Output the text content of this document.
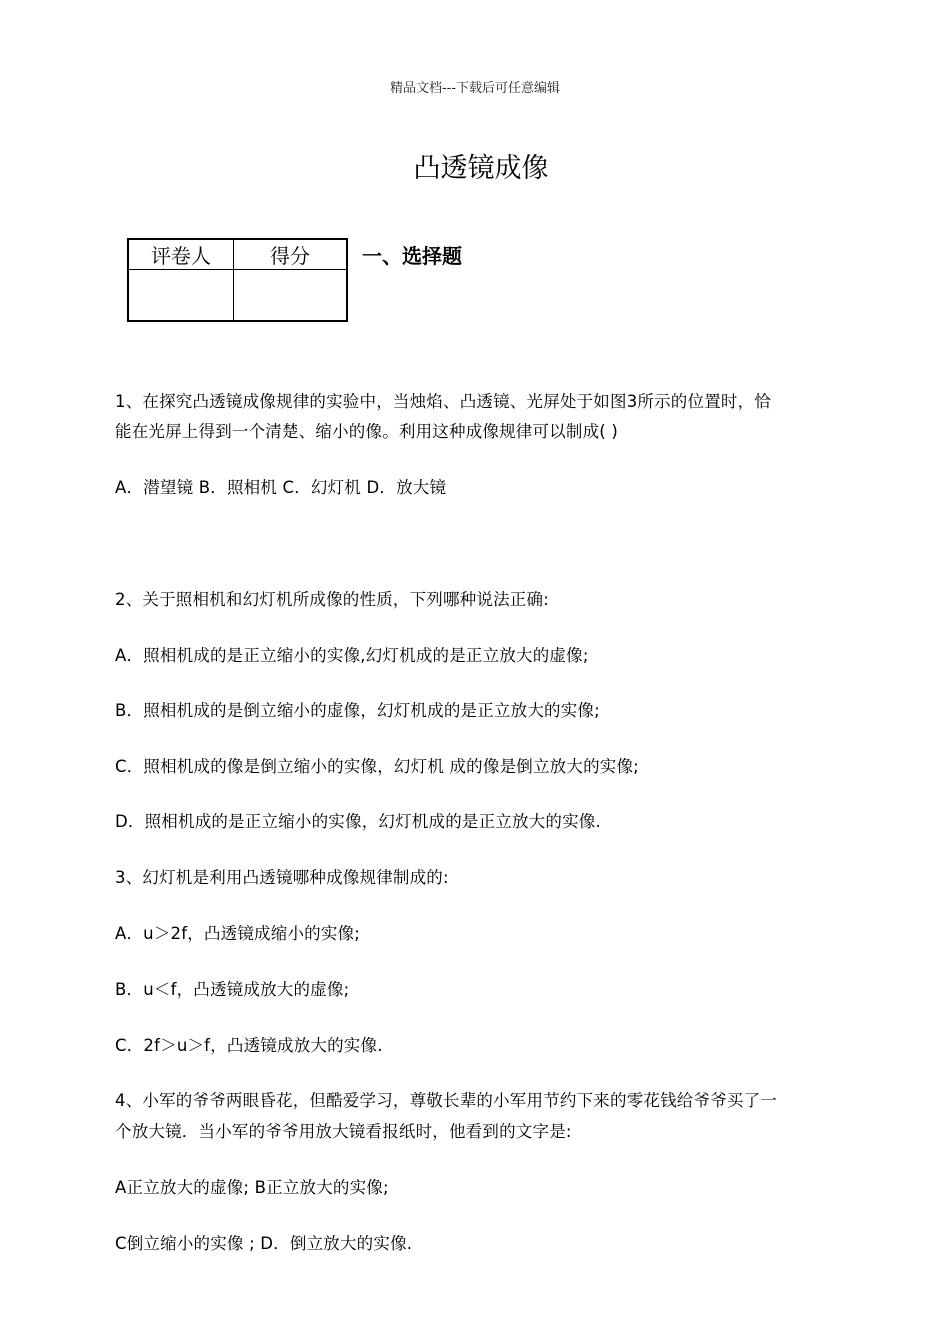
精品文档---下载后可任意编辑
凸透镜成像
评卷人	得分	一、选择题
1、在探究凸透镜成像规律的实验中，当烛焰、凸透镜、光屏处于如图3所示的位置时，恰
能在光屏上得到一个清楚、缩小的像。利用这种成像规律可以制成( )
A．潜望镜 B．照相机 C．幻灯机 D．放大镜
2、关于照相机和幻灯机所成像的性质，下列哪种说法正确:
A．照相机成的是正立缩小的实像,幻灯机成的是正立放大的虚像;
B．照相机成的是倒立缩小的虚像，幻灯机成的是正立放大的实像;
C．照相机成的像是倒立缩小的实像，幻灯机 成的像是倒立放大的实像;
D．照相机成的是正立缩小的实像，幻灯机成的是正立放大的实像.
3、幻灯机是利用凸透镜哪种成像规律制成的:
A．u＞2f，凸透镜成缩小的实像;
B．u＜f，凸透镜成放大的虚像;
C．2f＞u＞f，凸透镜成放大的实像.
4、小军的爷爷两眼昏花，但酷爱学习，尊敬长辈的小军用节约下来的零花钱给爷爷买了一
个放大镜．当小军的爷爷用放大镜看报纸时，他看到的文字是:
A正立放大的虚像; B正立放大的实像;
C倒立缩小的实像 ; D．倒立放大的实像.
